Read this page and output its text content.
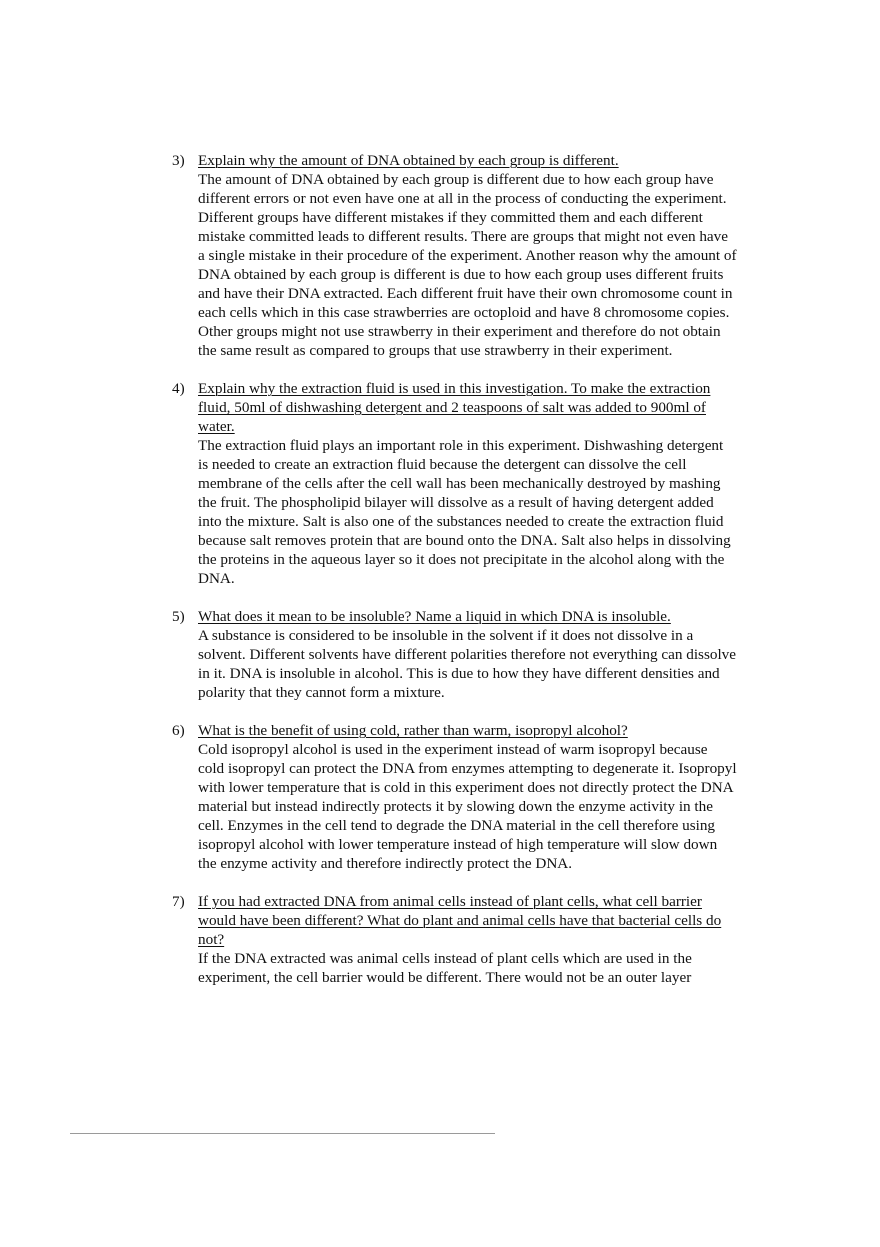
3) Explain why the amount of DNA obtained by each group is different.

The amount of DNA obtained by each group is different due to how each group have different errors or not even have one at all in the process of conducting the experiment. Different groups have different mistakes if they committed them and each different mistake committed leads to different results. There are groups that might not even have a single mistake in their procedure of the experiment. Another reason why the amount of DNA obtained by each group is different is due to how each group uses different fruits and have their DNA extracted. Each different fruit have their own chromosome count in each cells which in this case strawberries are octoploid and have 8 chromosome copies. Other groups might not use strawberry in their experiment and therefore do not obtain the same result as compared to groups that use strawberry in their experiment.

4) Explain why the extraction fluid is used in this investigation. To make the extraction fluid, 50ml of dishwashing detergent and 2 teaspoons of salt was added to 900ml of water.

The extraction fluid plays an important role in this experiment. Dishwashing detergent is needed to create an extraction fluid because the detergent can dissolve the cell membrane of the cells after the cell wall has been mechanically destroyed by mashing the fruit. The phospholipid bilayer will dissolve as a result of having detergent added into the mixture. Salt is also one of the substances needed to create the extraction fluid because salt removes protein that are bound onto the DNA. Salt also helps in dissolving the proteins in the aqueous layer so it does not precipitate in the alcohol along with the DNA.

5) What does it mean to be insoluble? Name a liquid in which DNA is insoluble.

A substance is considered to be insoluble in the solvent if it does not dissolve in a solvent. Different solvents have different polarities therefore not everything can dissolve in it. DNA is insoluble in alcohol. This is due to how they have different densities and polarity that they cannot form a mixture.

6) What is the benefit of using cold, rather than warm, isopropyl alcohol?

Cold isopropyl alcohol is used in the experiment instead of warm isopropyl because cold isopropyl can protect the DNA from enzymes attempting to degenerate it. Isopropyl with lower temperature that is cold in this experiment does not directly protect the DNA material but instead indirectly protects it by slowing down the enzyme activity in the cell. Enzymes in the cell tend to degrade the DNA material in the cell therefore using isopropyl alcohol with lower temperature instead of high temperature will slow down the enzyme activity and therefore indirectly protect the DNA.

7) If you had extracted DNA from animal cells instead of plant cells, what cell barrier would have been different? What do plant and animal cells have that bacterial cells do not?

If the DNA extracted was animal cells instead of plant cells which are used in the experiment, the cell barrier would be different. There would not be an outer layer
